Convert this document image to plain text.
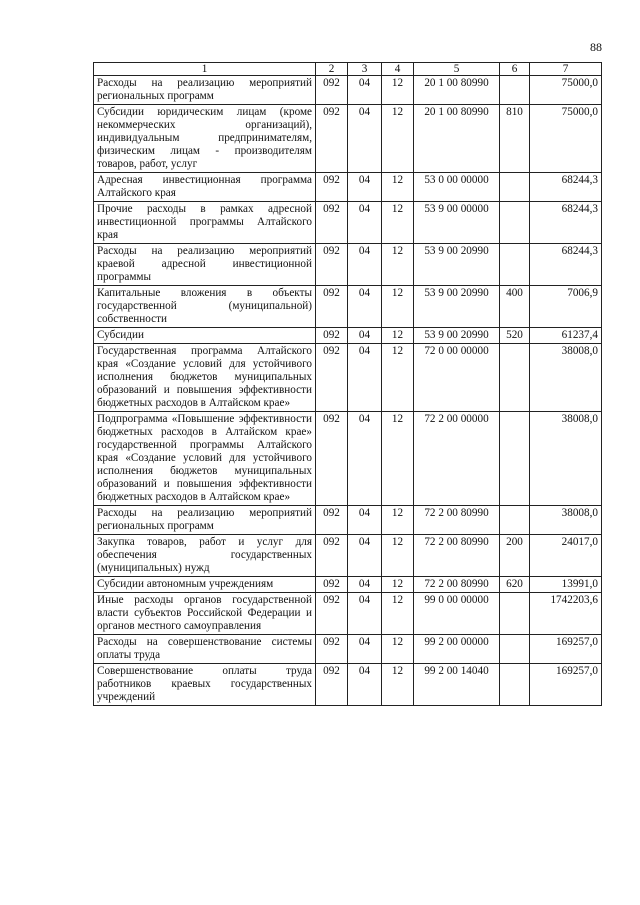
88
1	2	3	4	5	6	7
Расходы на реализацию мероприятий региональных программ	092	04	12	20 1 00 80990		75000,0
Субсидии юридическим лицам (кроме некоммерческих организаций), индивидуальным предпринимателям, физическим лицам - производителям товаров, работ, услуг	092	04	12	20 1 00 80990	810	75000,0
Адресная инвестиционная программа Алтайского края	092	04	12	53 0 00 00000		68244,3
Прочие расходы в рамках адресной инвестиционной программы Алтайского края	092	04	12	53 9 00 00000		68244,3
Расходы на реализацию мероприятий краевой адресной инвестиционной программы	092	04	12	53 9 00 20990		68244,3
Капитальные вложения в объекты государственной (муниципальной) собственности	092	04	12	53 9 00 20990	400	7006,9
Субсидии	092	04	12	53 9 00 20990	520	61237,4
Государственная программа Алтайского края «Создание условий для устойчивого исполнения бюджетов муниципальных образований и повышения эффективности бюджетных расходов в Алтайском крае»	092	04	12	72 0 00 00000		38008,0
Подпрограмма «Повышение эффективности бюджетных расходов в Алтайском крае» государственной программы Алтайского края «Создание условий для устойчивого исполнения бюджетов муниципальных образований и повышения эффективности бюджетных расходов в Алтайском крае»	092	04	12	72 2 00 00000		38008,0
Расходы на реализацию мероприятий региональных программ	092	04	12	72 2 00 80990		38008,0
Закупка товаров, работ и услуг для обеспечения государственных (муниципальных) нужд	092	04	12	72 2 00 80990	200	24017,0
Субсидии автономным учреждениям	092	04	12	72 2 00 80990	620	13991,0
Иные расходы органов государственной власти субъектов Российской Федерации и органов местного самоуправления	092	04	12	99 0 00 00000		1742203,6
Расходы на совершенствование системы оплаты труда	092	04	12	99 2 00 00000		169257,0
Совершенствование оплаты труда работников краевых государственных учреждений	092	04	12	99 2 00 14040		169257,0
